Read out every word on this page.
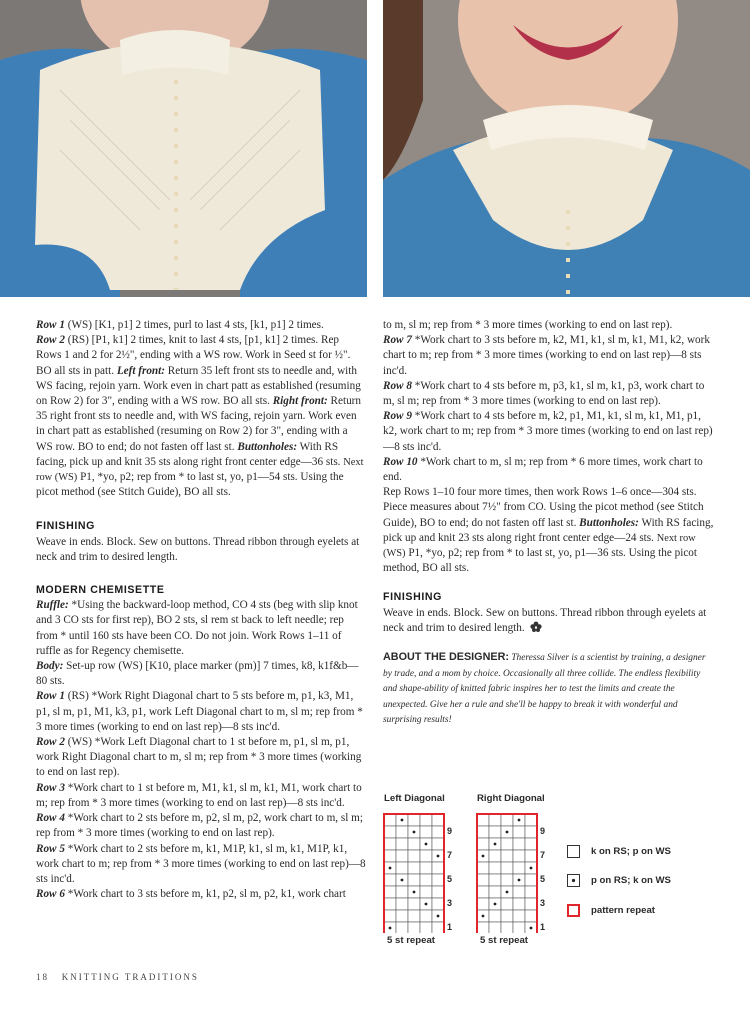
Row 1 (WS) [K1, p1] 2 times, purl to last 4 sts, [k1, p1] 2 times.

Row 2 (RS) [P1, k1] 2 times, knit to last 4 sts, [p1, k1] 2 times. Rep Rows 1 and 2 for 2½", ending with a WS row. Work in Seed st for ½". BO all sts in patt. Left front: Return 35 left front sts to needle and, with WS facing, rejoin yarn. Work even in chart patt as established (resuming on Row 2) for 3", ending with a WS row. BO all sts. Right front: Return 35 right front sts to needle and, with WS facing, rejoin yarn. Work even in chart patt as established (resuming on Row 2) for 3", ending with a WS row. BO to end; do not fasten off last st. Buttonholes: With RS facing, pick up and knit 35 sts along right front center edge—36 sts. Next row (WS) P1, *yo, p2; rep from * to last st, yo, p1—54 sts. Using the picot method (see Stitch Guide), BO all sts.

FINISHING

Weave in ends. Block. Sew on buttons. Thread ribbon through eyelets at neck and trim to desired length.

MODERN CHEMISETTE

Ruffle: *Using the backward-loop method, CO 4 sts (beg with slip knot and 3 CO sts for first rep), BO 2 sts, sl rem st back to left needle; rep from * until 160 sts have been CO. Do not join. Work Rows 1–11 of ruffle as for Regency chemisette.

Body: Set-up row (WS) [K10, place marker (pm)] 7 times, k8, k1f&b—80 sts.

Row 1 (RS) *Work Right Diagonal chart to 5 sts before m, p1, k3, M1, p1, sl m, p1, M1, k3, p1, work Left Diagonal chart to m, sl m; rep from * 3 more times (working to end on last rep)—8 sts inc'd.

Row 2 (WS) *Work Left Diagonal chart to 1 st before m, p1, sl m, p1, work Right Diagonal chart to m, sl m; rep from * 3 more times (working to end on last rep).

Row 3 *Work chart to 1 st before m, M1, k1, sl m, k1, M1, work chart to m; rep from * 3 more times (working to end on last rep)—8 sts inc'd.

Row 4 *Work chart to 2 sts before m, p2, sl m, p2, work chart to m, sl m; rep from * 3 more times (working to end on last rep).

Row 5 *Work chart to 2 sts before m, k1, M1P, k1, sl m, k1, M1P, k1, work chart to m; rep from * 3 more times (working to end on last rep)—8 sts inc'd.

Row 6 *Work chart to 3 sts before m, k1, p2, sl m, p2, k1, work chart

to m, sl m; rep from * 3 more times (working to end on last rep).

Row 7 *Work chart to 3 sts before m, k2, M1, k1, sl m, k1, M1, k2, work chart to m; rep from * 3 more times (working to end on last rep)—8 sts inc'd.

Row 8 *Work chart to 4 sts before m, p3, k1, sl m, k1, p3, work chart to m, sl m; rep from * 3 more times (working to end on last rep).

Row 9 *Work chart to 4 sts before m, k2, p1, M1, k1, sl m, k1, M1, p1, k2, work chart to m; rep from * 3 more times (working to end on last rep)—8 sts inc'd.

Row 10 *Work chart to m, sl m; rep from * 6 more times, work chart to end.

Rep Rows 1–10 four more times, then work Rows 1–6 once—304 sts. Piece measures about 7½" from CO. Using the picot method (see Stitch Guide), BO to end; do not fasten off last st. Buttonholes: With RS facing, pick up and knit 23 sts along right front center edge—24 sts. Next row (WS) P1, *yo, p2; rep from * to last st, yo, p1—36 sts. Using the picot method, BO all sts.

FINISHING

Weave in ends. Block. Sew on buttons. Thread ribbon through eyelets at neck and trim to desired length.

ABOUT THE DESIGNER: Theressa Silver is a scientist by training, a designer by trade, and a mom by choice. Occasionally all three collide. The endless flexibility and shape-ability of knitted fabric inspires her to test the limits and create the unexpected. Give her a rule and she'll be happy to break it with wonderful and surprising results!

Left Diagonal	Right Diagonal
9
7
5
3
1
9
7
5
3
1
5 st repeat	5 st repeat
k on RS; p on WS
p on RS; k on WS
pattern repeat
18 KNITTING TRADITIONS
